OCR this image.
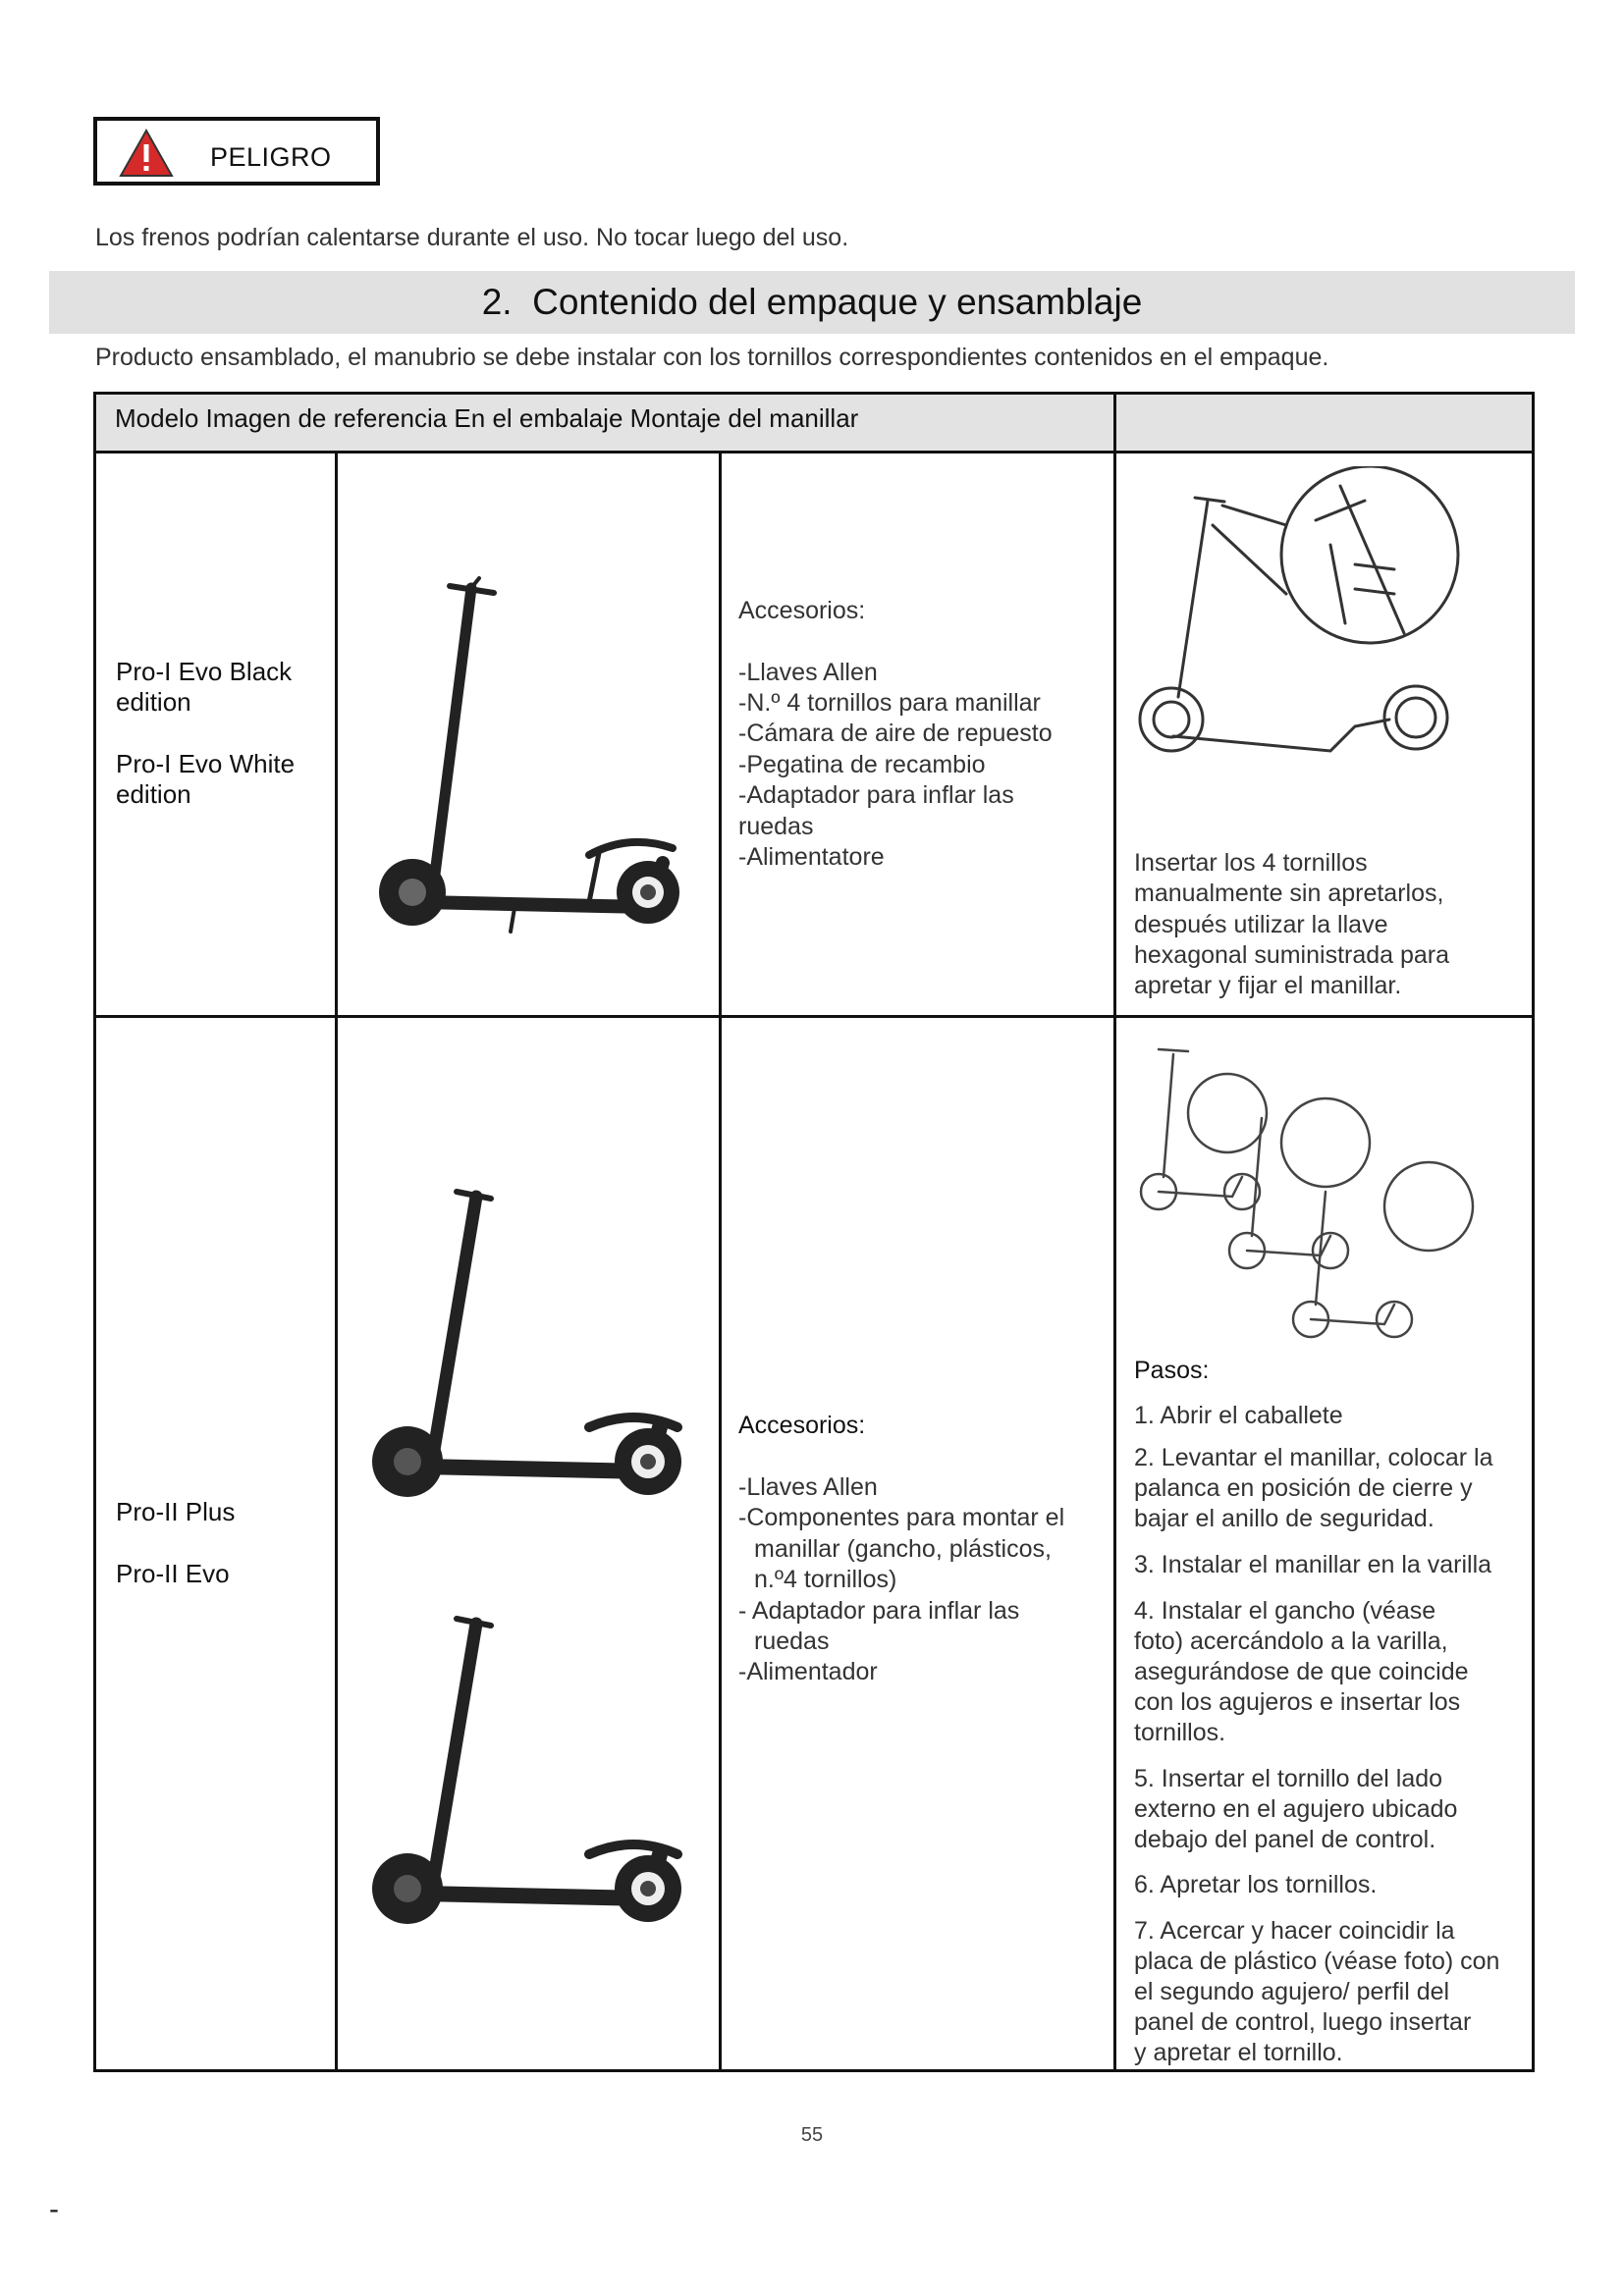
PELIGRO
Los frenos podrían calentarse durante el uso. No tocar luego del uso.
2. Contenido del empaque y ensamblaje
Producto ensamblado, el manubrio se debe instalar con los tornillos correspondientes contenidos en el empaque.
Modelo Imagen de referencia En el embalaje Montaje del manillar
Pro-I Evo Black
edition
Pro-I Evo White
edition
Accesorios:
-Llaves Allen
-N.º 4 tornillos para manillar
-Cámara de aire de repuesto
-Pegatina de recambio
-Adaptador para inflar las
ruedas
-Alimentatore	Insertar los 4 tornillos
manualmente sin apretarlos,
después utilizar la llave
hexagonal suministrada para
apretar y fijar el manillar.
Pro-II Plus
Pro-II Evo
Accesorios:
-Llaves Allen
-Componentes para montar el
manillar (gancho, plásticos,
n.º4 tornillos)
- Adaptador para inflar las
ruedas
-Alimentador
Pasos:
1. Abrir el caballete
2. Levantar el manillar, colocar la
palanca en posición de cierre y
bajar el anillo de seguridad.
3. Instalar el manillar en la varilla
4. Instalar el gancho (véase
foto) acercándolo a la varilla,
asegurándose de que coincide
con los agujeros e insertar los
tornillos.
5. Insertar el tornillo del lado
externo en el agujero ubicado
debajo del panel de control.
6. Apretar los tornillos.
7. Acercar y hacer coincidir la
placa de plástico (véase foto) con
el segundo agujero/ perfil del
panel de control, luego insertar
y apretar el tornillo.
55
-
